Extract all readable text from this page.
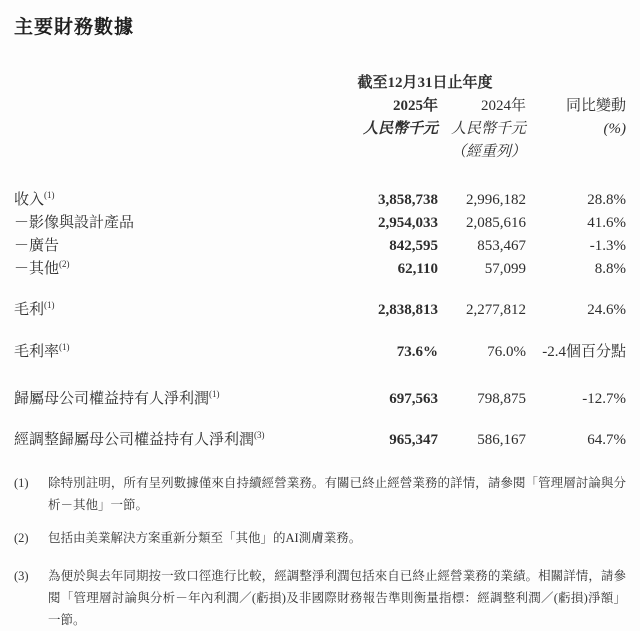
主要財務數據
截至12月31日止年度
2025年	2024年	同比變動
人民幣千元 人民幣千元	(%)
（經重列）
收入$^{(1)}$	3,858,738	2,996,182	28.8%
－影像與設計產品	2,954,033	2,085,616	41.6%
－廣告	842,595	853,467	-1.3%
－其他$^{(2)}$	62,110	57,099	8.8%
毛利$^{(1)}$	2,838,813	2,277,812	24.6%
毛利率$^{(1)}$	73.6%	76.0%	-2.4個百分點
歸屬母公司權益持有人淨利潤$^{(1)}$	697,563	798,875	-12.7%
經調整歸屬母公司權益持有人淨利潤$^{(3)}$	965,347	586,167	64.7%
(1)	除特別註明，所有呈列數據僅來自持續經營業務。有關已終止經營業務的詳情，請參閱「管理層討論與分析－其他」一節。
(2)	包括由美業解決方案重新分類至「其他」的AI測膚業務。
(3)	為便於與去年同期按一致口徑進行比較，經調整淨利潤包括來自已終止經營業務的業績。相關詳情，請參閱「管理層討論與分析－年內利潤／(虧損)及非國際財務報告準則衡量指標：經調整利潤／(虧損)淨額」一節。
